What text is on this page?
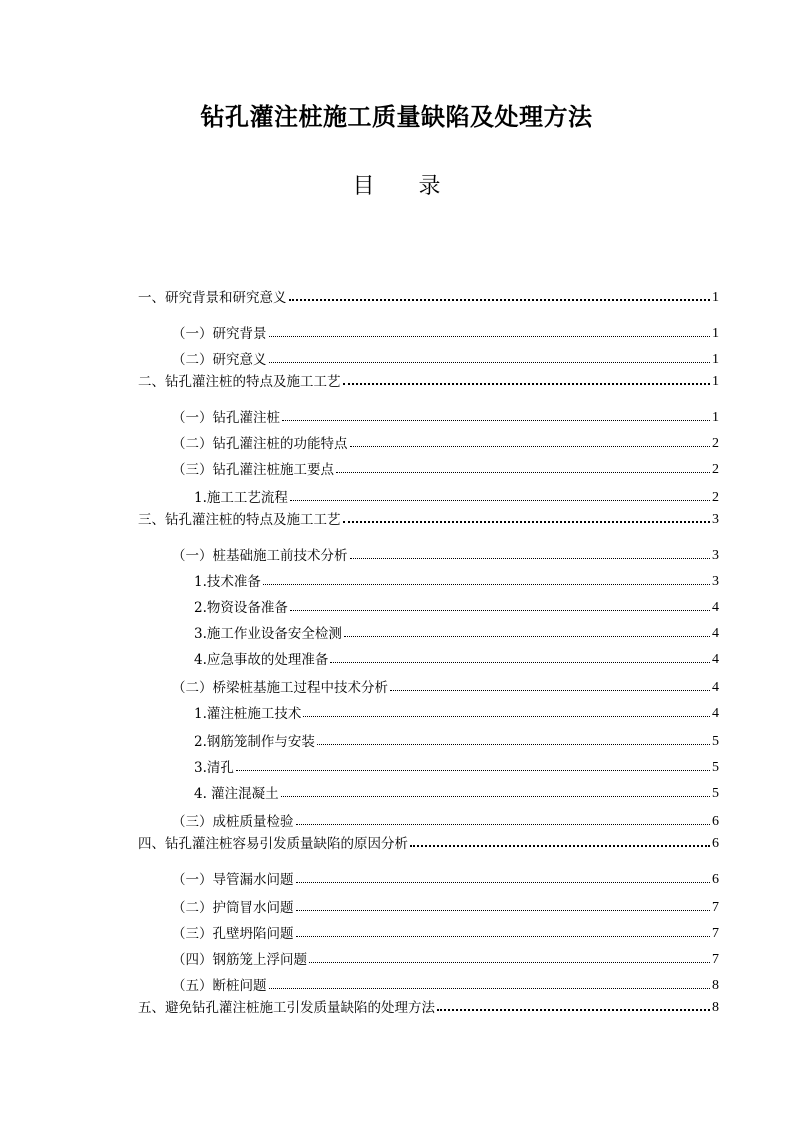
钻孔灌注桩施工质量缺陷及处理方法
目　　录
一、研究背景和研究意义	1
（一）研究背景	1
（二）研究意义	1
二、钻孔灌注桩的特点及施工工艺	1
（一）钻孔灌注桩	1
（二）钻孔灌注桩的功能特点	2
（三）钻孔灌注桩施工要点	2
1.施工工艺流程	2
三、钻孔灌注桩的特点及施工工艺	3
（一）桩基础施工前技术分析	3
1.技术准备	3
2.物资设备准备	4
3.施工作业设备安全检测	4
4.应急事故的处理准备	4
（二）桥梁桩基施工过程中技术分析	4
1.灌注桩施工技术	4
2.钢筋笼制作与安装	5
3.清孔	5
4. 灌注混凝土	5
（三）成桩质量检验	6
四、钻孔灌注桩容易引发质量缺陷的原因分析	6
（一）导管漏水问题	6
（二）护筒冒水问题	7
（三）孔壁坍陷问题	7
（四）钢筋笼上浮问题	7
（五）断桩问题	8
五、避免钻孔灌注桩施工引发质量缺陷的处理方法	8
